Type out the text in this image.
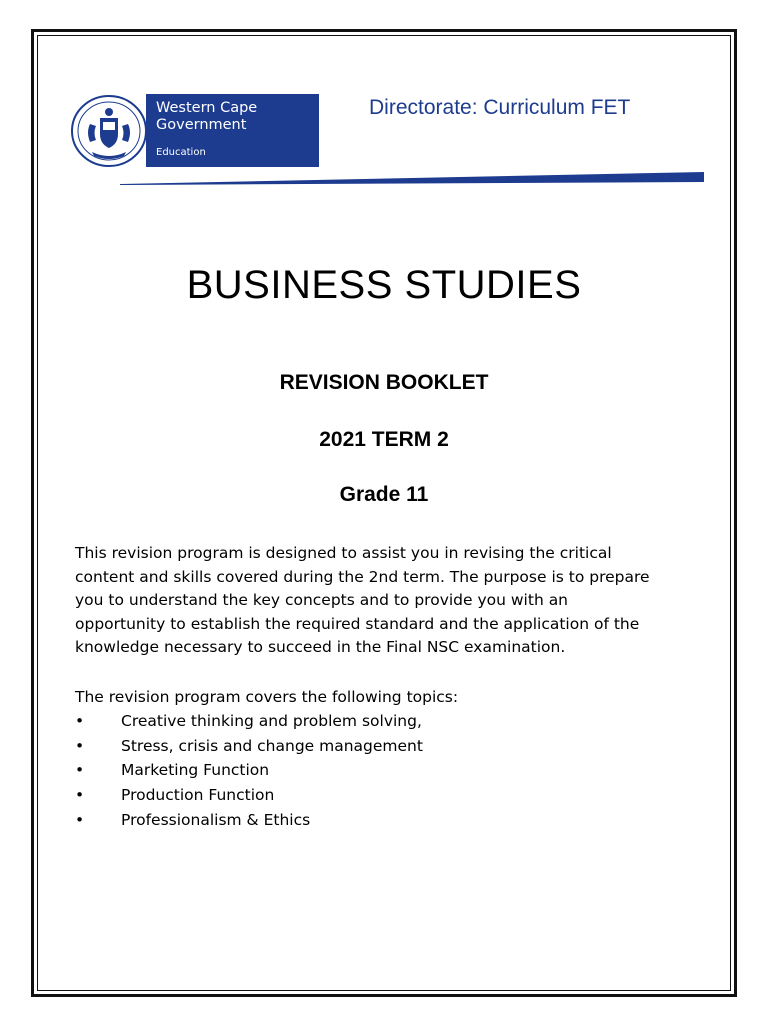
Western Cape
Government
Education
Directorate: Curriculum FET
BUSINESS STUDIES
REVISION BOOKLET
2021 TERM 2
Grade 11

This revision program is designed to assist you in revising the critical

content and skills covered during the 2nd term. The purpose is to prepare

you to understand the key concepts and to provide you with an

opportunity to establish the required standard and the application of the

knowledge necessary to succeed in the Final NSC examination.

The revision program covers the following topics:
• Creative thinking and problem solving,
• Stress, crisis and change management
• Marketing Function
• Production Function
• Professionalism & Ethics
